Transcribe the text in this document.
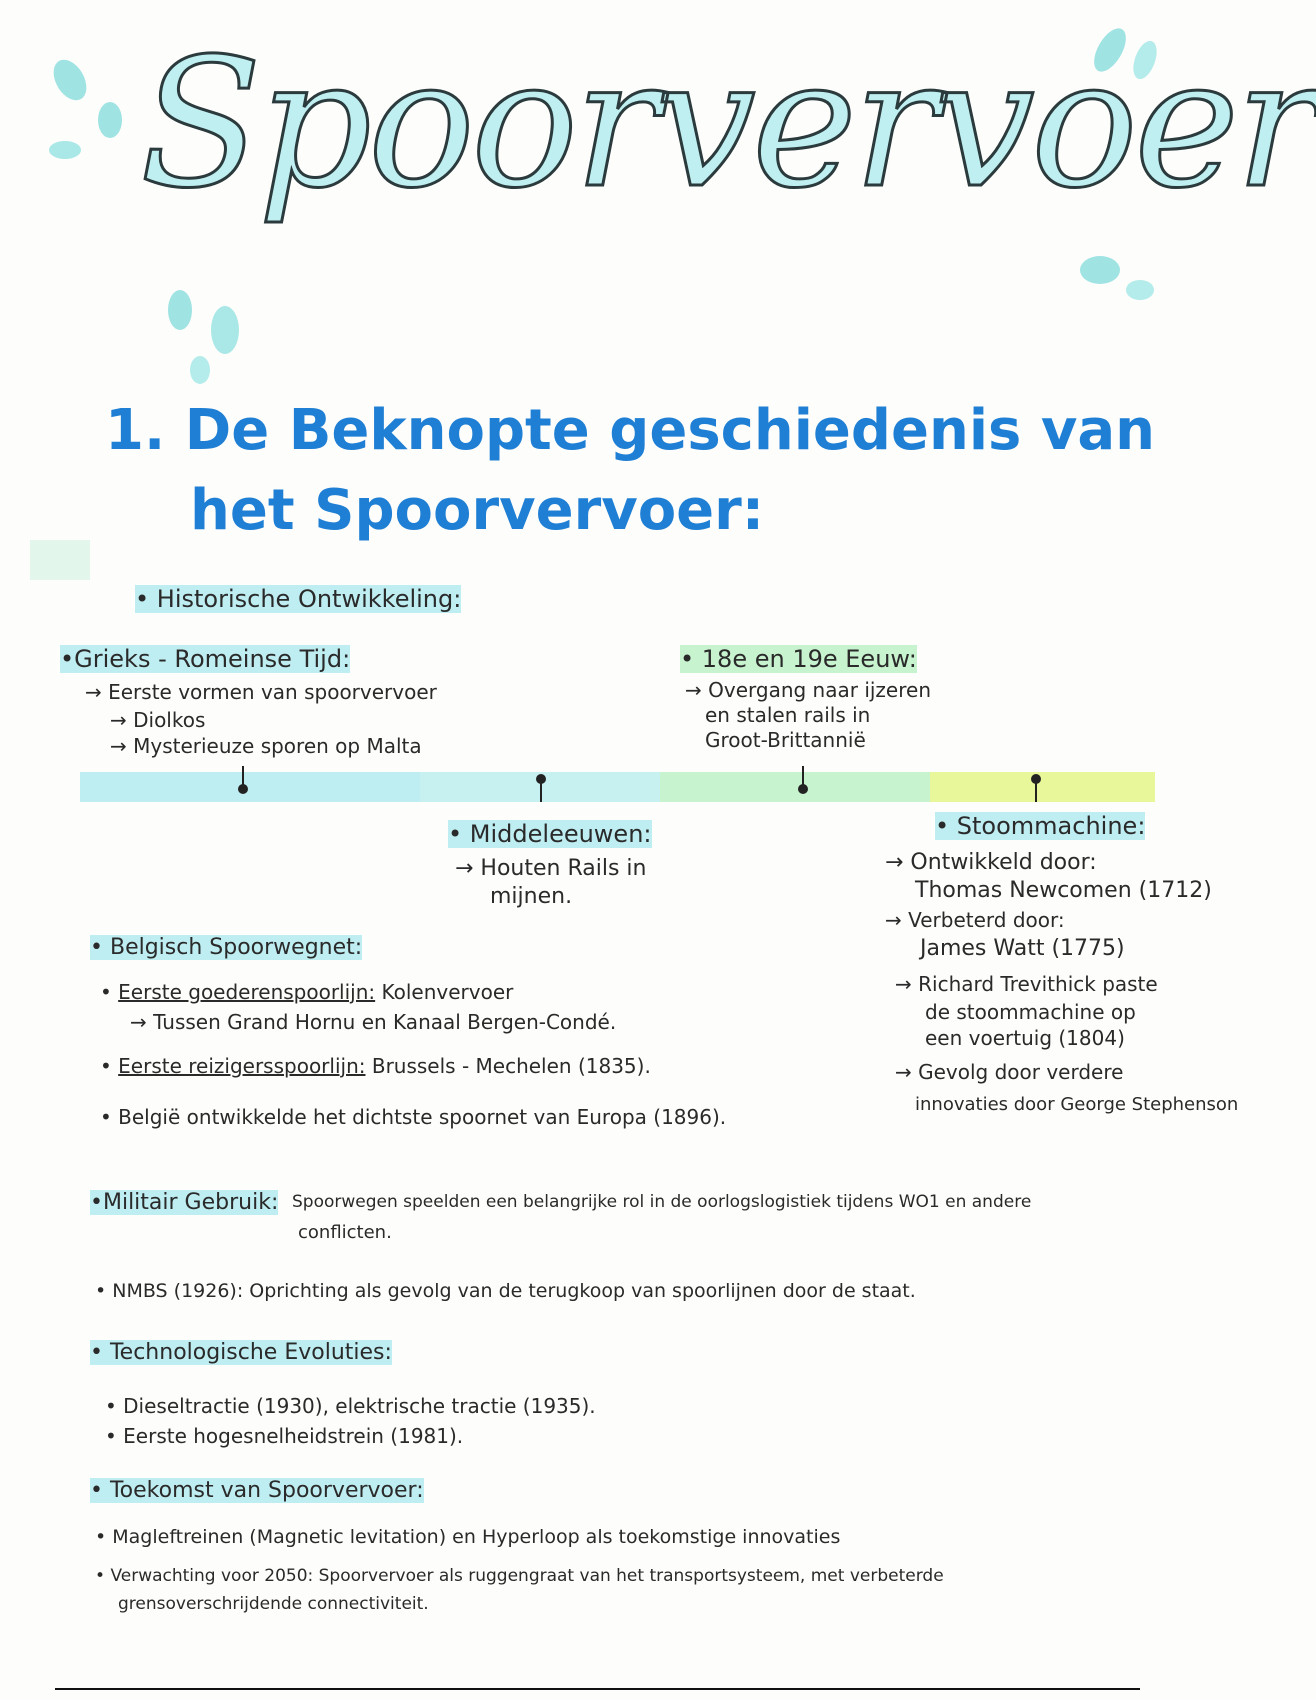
Spoorvervoer
1. De Beknopte geschiedenis van
het Spoorvervoer:
• Historische Ontwikkeling:
•Grieks - Romeinse Tijd:
→ Eerste vormen van spoorvervoer
→ Diolkos
→ Mysterieuze sporen op Malta
• 18e en 19e Eeuw:
→ Overgang naar ijzeren
en stalen rails in
Groot-Brittannië
• Middeleeuwen:
→ Houten Rails in
mijnen.
• Stoommachine:
→ Ontwikkeld door:
Thomas Newcomen (1712)
→ Verbeterd door:
James Watt (1775)
→ Richard Trevithick paste
de stoommachine op
een voertuig (1804)
→ Gevolg door verdere
innovaties door George Stephenson
• Belgisch Spoorwegnet:
• Eerste goederenspoorlijn: Kolenvervoer
→ Tussen Grand Hornu en Kanaal Bergen-Condé.
• Eerste reizigersspoorlijn: Brussels - Mechelen (1835).
• België ontwikkelde het dichtste spoornet van Europa (1896).
•Militair Gebruik: Spoorwegen speelden een belangrijke rol in de oorlogslogistiek tijdens WO1 en andere
conflicten.
• NMBS (1926): Oprichting als gevolg van de terugkoop van spoorlijnen door de staat.
• Technologische Evoluties:
• Dieseltractie (1930), elektrische tractie (1935).
• Eerste hogesnelheidstrein (1981).
• Toekomst van Spoorvervoer:
• Magleftreinen (Magnetic levitation) en Hyperloop als toekomstige innovaties
• Verwachting voor 2050: Spoorvervoer als ruggengraat van het transportsysteem, met verbeterde
grensoverschrijdende connectiviteit.
